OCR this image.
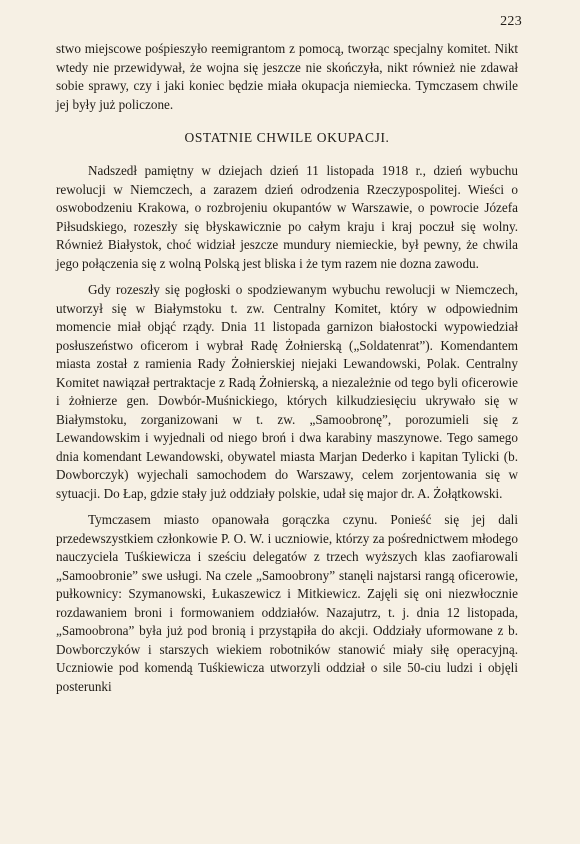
223

stwo miejscowe pośpieszyło reemigrantom z pomocą, tworząc specjalny komitet. Nikt wtedy nie przewidywał, że wojna się jeszcze nie skończyła, nikt również nie zdawał sobie sprawy, czy i jaki koniec będzie miała okupacja niemiecka. Tymczasem chwile jej były już policzone.

OSTATNIE CHWILE OKUPACJI.

Nadszedł pamiętny w dziejach dzień 11 listopada 1918 r., dzień wybuchu rewolucji w Niemczech, a zarazem dzień odrodzenia Rzeczypospolitej. Wieści o oswobodzeniu Krakowa, o rozbrojeniu okupantów w Warszawie, o powrocie Józefa Piłsudskiego, rozeszły się błyskawicznie po całym kraju i kraj poczuł się wolny. Również Białystok, choć widział jeszcze mundury niemieckie, był pewny, że chwila jego połączenia się z wolną Polską jest bliska i że tym razem nie dozna zawodu.

Gdy rozeszły się pogłoski o spodziewanym wybuchu rewolucji w Niemczech, utworzył się w Białymstoku t. zw. Centralny Komitet, który w odpowiednim momencie miał objąć rządy. Dnia 11 listopada garnizon białostocki wypowiedział posłuszeństwo oficerom i wybrał Radę Żołnierską („Soldatenrat”). Komendantem miasta został z ramienia Rady Żołnierskiej niejaki Lewandowski, Polak. Centralny Komitet nawiązał pertraktacje z Radą Żołnierską, a niezależnie od tego byli oficerowie i żołnierze gen. Dowbór-Muśnickiego, których kilkudziesięciu ukrywało się w Białymstoku, zorganizowani w t. zw. „Samoobronę”, porozumieli się z Lewandowskim i wyjednali od niego broń i dwa karabiny maszynowe. Tego samego dnia komendant Lewandowski, obywatel miasta Marjan Dederko i kapitan Tylicki (b. Dowborczyk) wyjechali samochodem do Warszawy, celem zorjentowania się w sytuacji. Do Łap, gdzie stały już oddziały polskie, udał się major dr. A. Żołątkowski.

Tymczasem miasto opanowała gorączka czynu. Ponieść się jej dali przedewszystkiem członkowie P. O. W. i uczniowie, którzy za pośrednictwem młodego nauczyciela Tuśkiewicza i sześciu delegatów z trzech wyższych klas zaofiarowali „Samoobronie” swe usługi. Na czele „Samoobrony” stanęli najstarsi rangą oficerowie, pułkownicy: Szymanowski, Łukaszewicz i Mitkiewicz. Zajęli się oni niezwłocznie rozdawaniem broni i formowaniem oddziałów. Nazajutrz, t. j. dnia 12 listopada, „Samoobrona” była już pod bronią i przystąpiła do akcji. Oddziały uformowane z b. Dowborczyków i starszych wiekiem robotników stanowić miały siłę operacyjną. Uczniowie pod komendą Tuśkiewicza utworzyli oddział o sile 50-ciu ludzi i objęli posterunki
